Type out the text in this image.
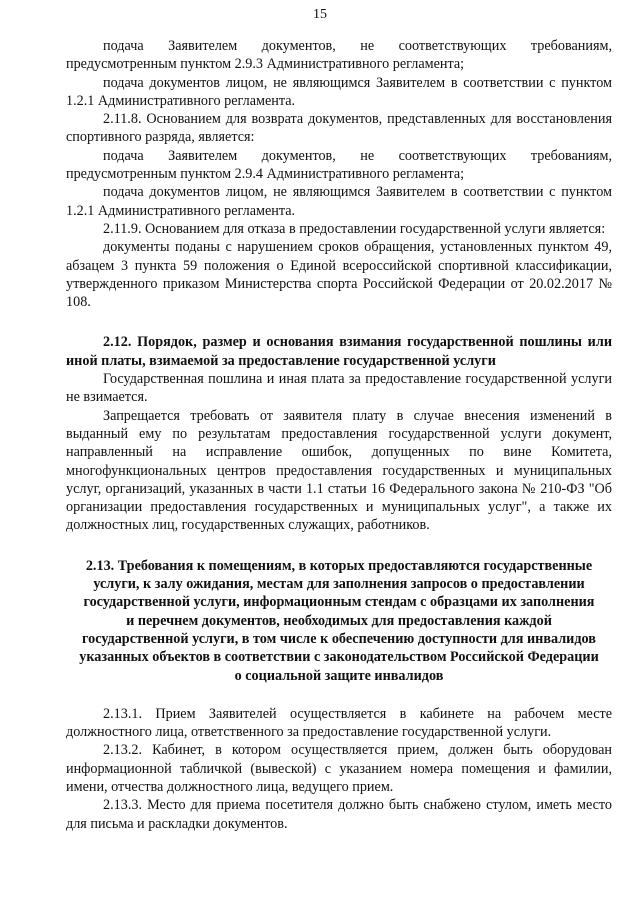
15

подача Заявителем документов, не соответствующих требованиям, предусмотренным пунктом 2.9.3 Административного регламента;

подача документов лицом, не являющимся Заявителем в соответствии с пунктом 1.2.1 Административного регламента.

2.11.8. Основанием для возврата документов, представленных для восстановления спортивного разряда, является:

подача Заявителем документов, не соответствующих требованиям, предусмотренным пунктом 2.9.4 Административного регламента;

подача документов лицом, не являющимся Заявителем в соответствии с пунктом 1.2.1 Административного регламента.

2.11.9. Основанием для отказа в предоставлении государственной услуги является:

документы поданы с нарушением сроков обращения, установленных пунктом 49, абзацем 3 пункта 59 положения о Единой всероссийской спортивной классификации, утвержденного приказом Министерства спорта Российской Федерации от 20.02.2017 № 108.

2.12. Порядок, размер и основания взимания государственной пошлины или иной платы, взимаемой за предоставление государственной услуги

Государственная пошлина и иная плата за предоставление государственной услуги не взимается.

Запрещается требовать от заявителя плату в случае внесения изменений в выданный ему по результатам предоставления государственной услуги документ, направленный на исправление ошибок, допущенных по вине Комитета, многофункциональных центров предоставления государственных и муниципальных услуг, организаций, указанных в части 1.1 статьи 16 Федерального закона № 210-ФЗ "Об организации предоставления государственных и муниципальных услуг", а также их должностных лиц, государственных служащих, работников.

2.13. Требования к помещениям, в которых предоставляются государственные услуги, к залу ожидания, местам для заполнения запросов о предоставлении государственной услуги, информационным стендам с образцами их заполнения и перечнем документов, необходимых для предоставления каждой государственной услуги, в том числе к обеспечению доступности для инвалидов указанных объектов в соответствии с законодательством Российской Федерации о социальной защите инвалидов

2.13.1. Прием Заявителей осуществляется в кабинете на рабочем месте должностного лица, ответственного за предоставление государственной услуги.

2.13.2. Кабинет, в котором осуществляется прием, должен быть оборудован информационной табличкой (вывеской) с указанием номера помещения и фамилии, имени, отчества должностного лица, ведущего прием.

2.13.3. Место для приема посетителя должно быть снабжено стулом, иметь место для письма и раскладки документов.
